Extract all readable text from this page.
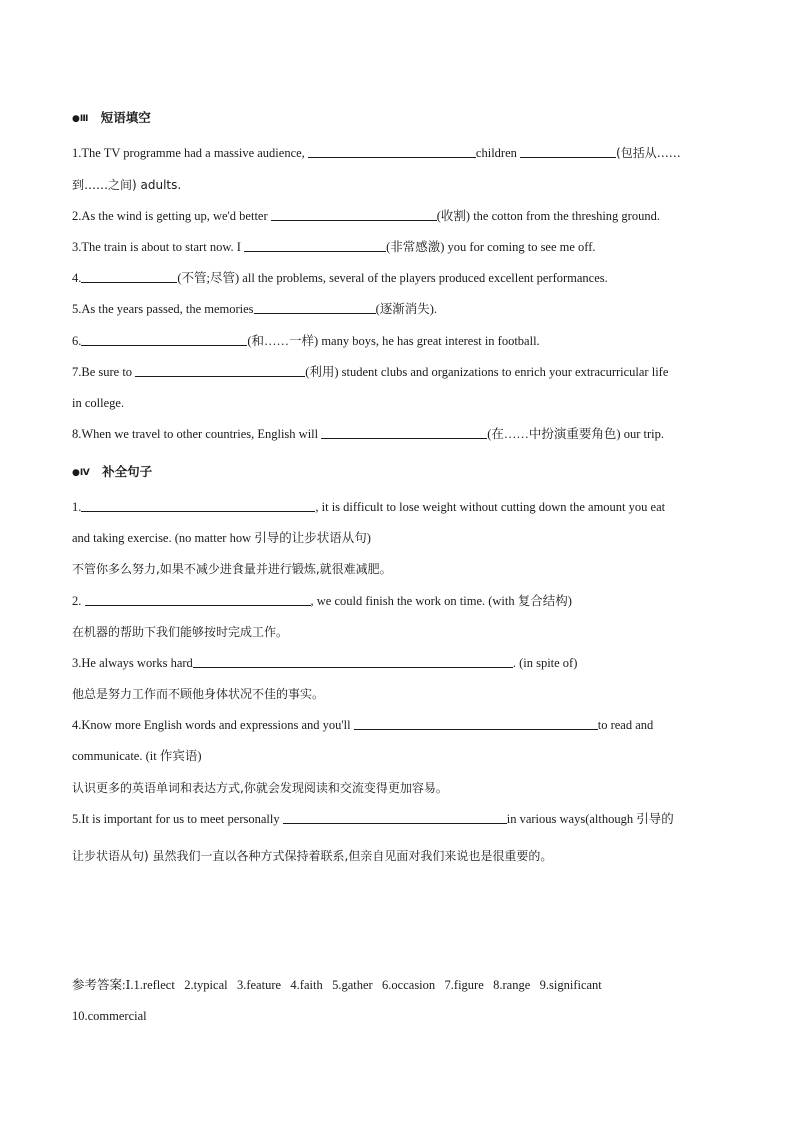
●Ⅲ 短语填空
1.The TV programme had a massive audience,	children	(包括从……
到……之间) adults.
2.As the wind is getting up, we'd better	(收割) the cotton from the threshing ground.
3.The train is about to start now. I	(非常感激) you for coming to see me off.
4.	(不管;尽管) all the problems, several of the players produced excellent performances.
5.As the years passed, the memories	(逐渐消失).
6.	(和……一样) many boys, he has great interest in football.
7.Be sure to	(利用) student clubs and organizations to enrich your extracurricular life
in college.
8.When we travel to other countries, English will	(在……中扮演重要角色) our trip.
●Ⅳ 补全句子
1.	, it is difficult to lose weight without cutting down the amount you eat
and taking exercise. (no matter how 引导的让步状语从句)
不管你多么努力,如果不减少进食量并进行锻炼,就很难减肥。
2.	, we could finish the work on time. (with 复合结构)
在机器的帮助下我们能够按时完成工作。
3.He always works hard	. (in spite of)
他总是努力工作而不顾他身体状况不佳的事实。
4.Know more English words and expressions and you'll	to read and
communicate. (it 作宾语)
认识更多的英语单词和表达方式,你就会发现阅读和交流变得更加容易。
5.It is important for us to meet personally	in various ways(although 引导的
让步状语从句) 虽然我们一直以各种方式保持着联系,但亲自见面对我们来说也是很重要的。
参考答案:Ⅰ.1.reflect   2.typical   3.feature   4.faith   5.gather   6.occasion   7.figure   8.range   9.significant
10.commercial
